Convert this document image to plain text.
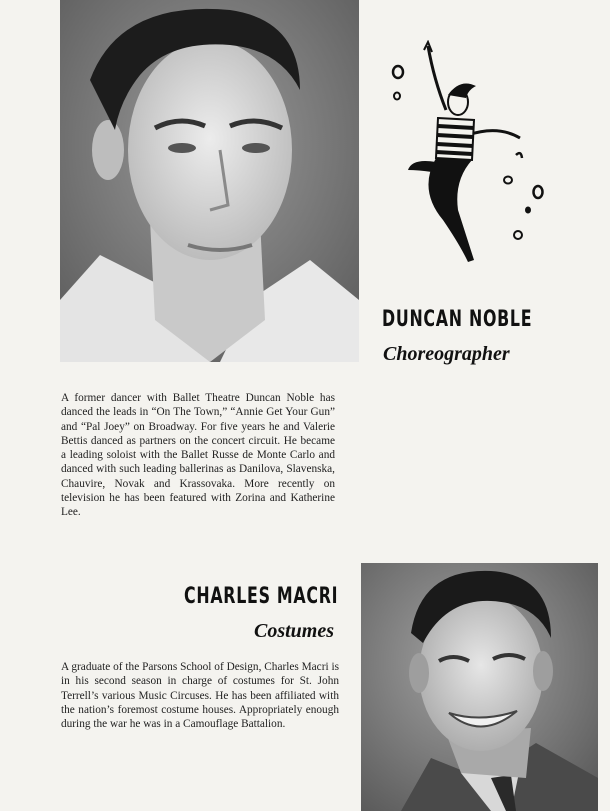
DUNCAN NOBLE
Choreographer

A former dancer with Ballet Theatre Duncan Noble has danced the leads in “On The Town,” “Annie Get Your Gun” and “Pal Joey” on Broadway. For five years he and Valerie Bettis danced as partners on the concert circuit. He became a leading soloist with the Ballet Russe de Monte Carlo and danced with such leading ballerinas as Danilova, Slavenska, Chauvire, Novak and Krassovaka. More recently on television he has been featured with Zorina and Katherine Lee.

CHARLES MACRI
Costumes

A graduate of the Parsons School of Design, Charles Macri is in his second season in charge of costumes for St. John Terrell’s various Music Circuses. He has been affiliated with the nation’s foremost costume houses. Appropriately enough during the war he was in a Camouflage Battalion.
